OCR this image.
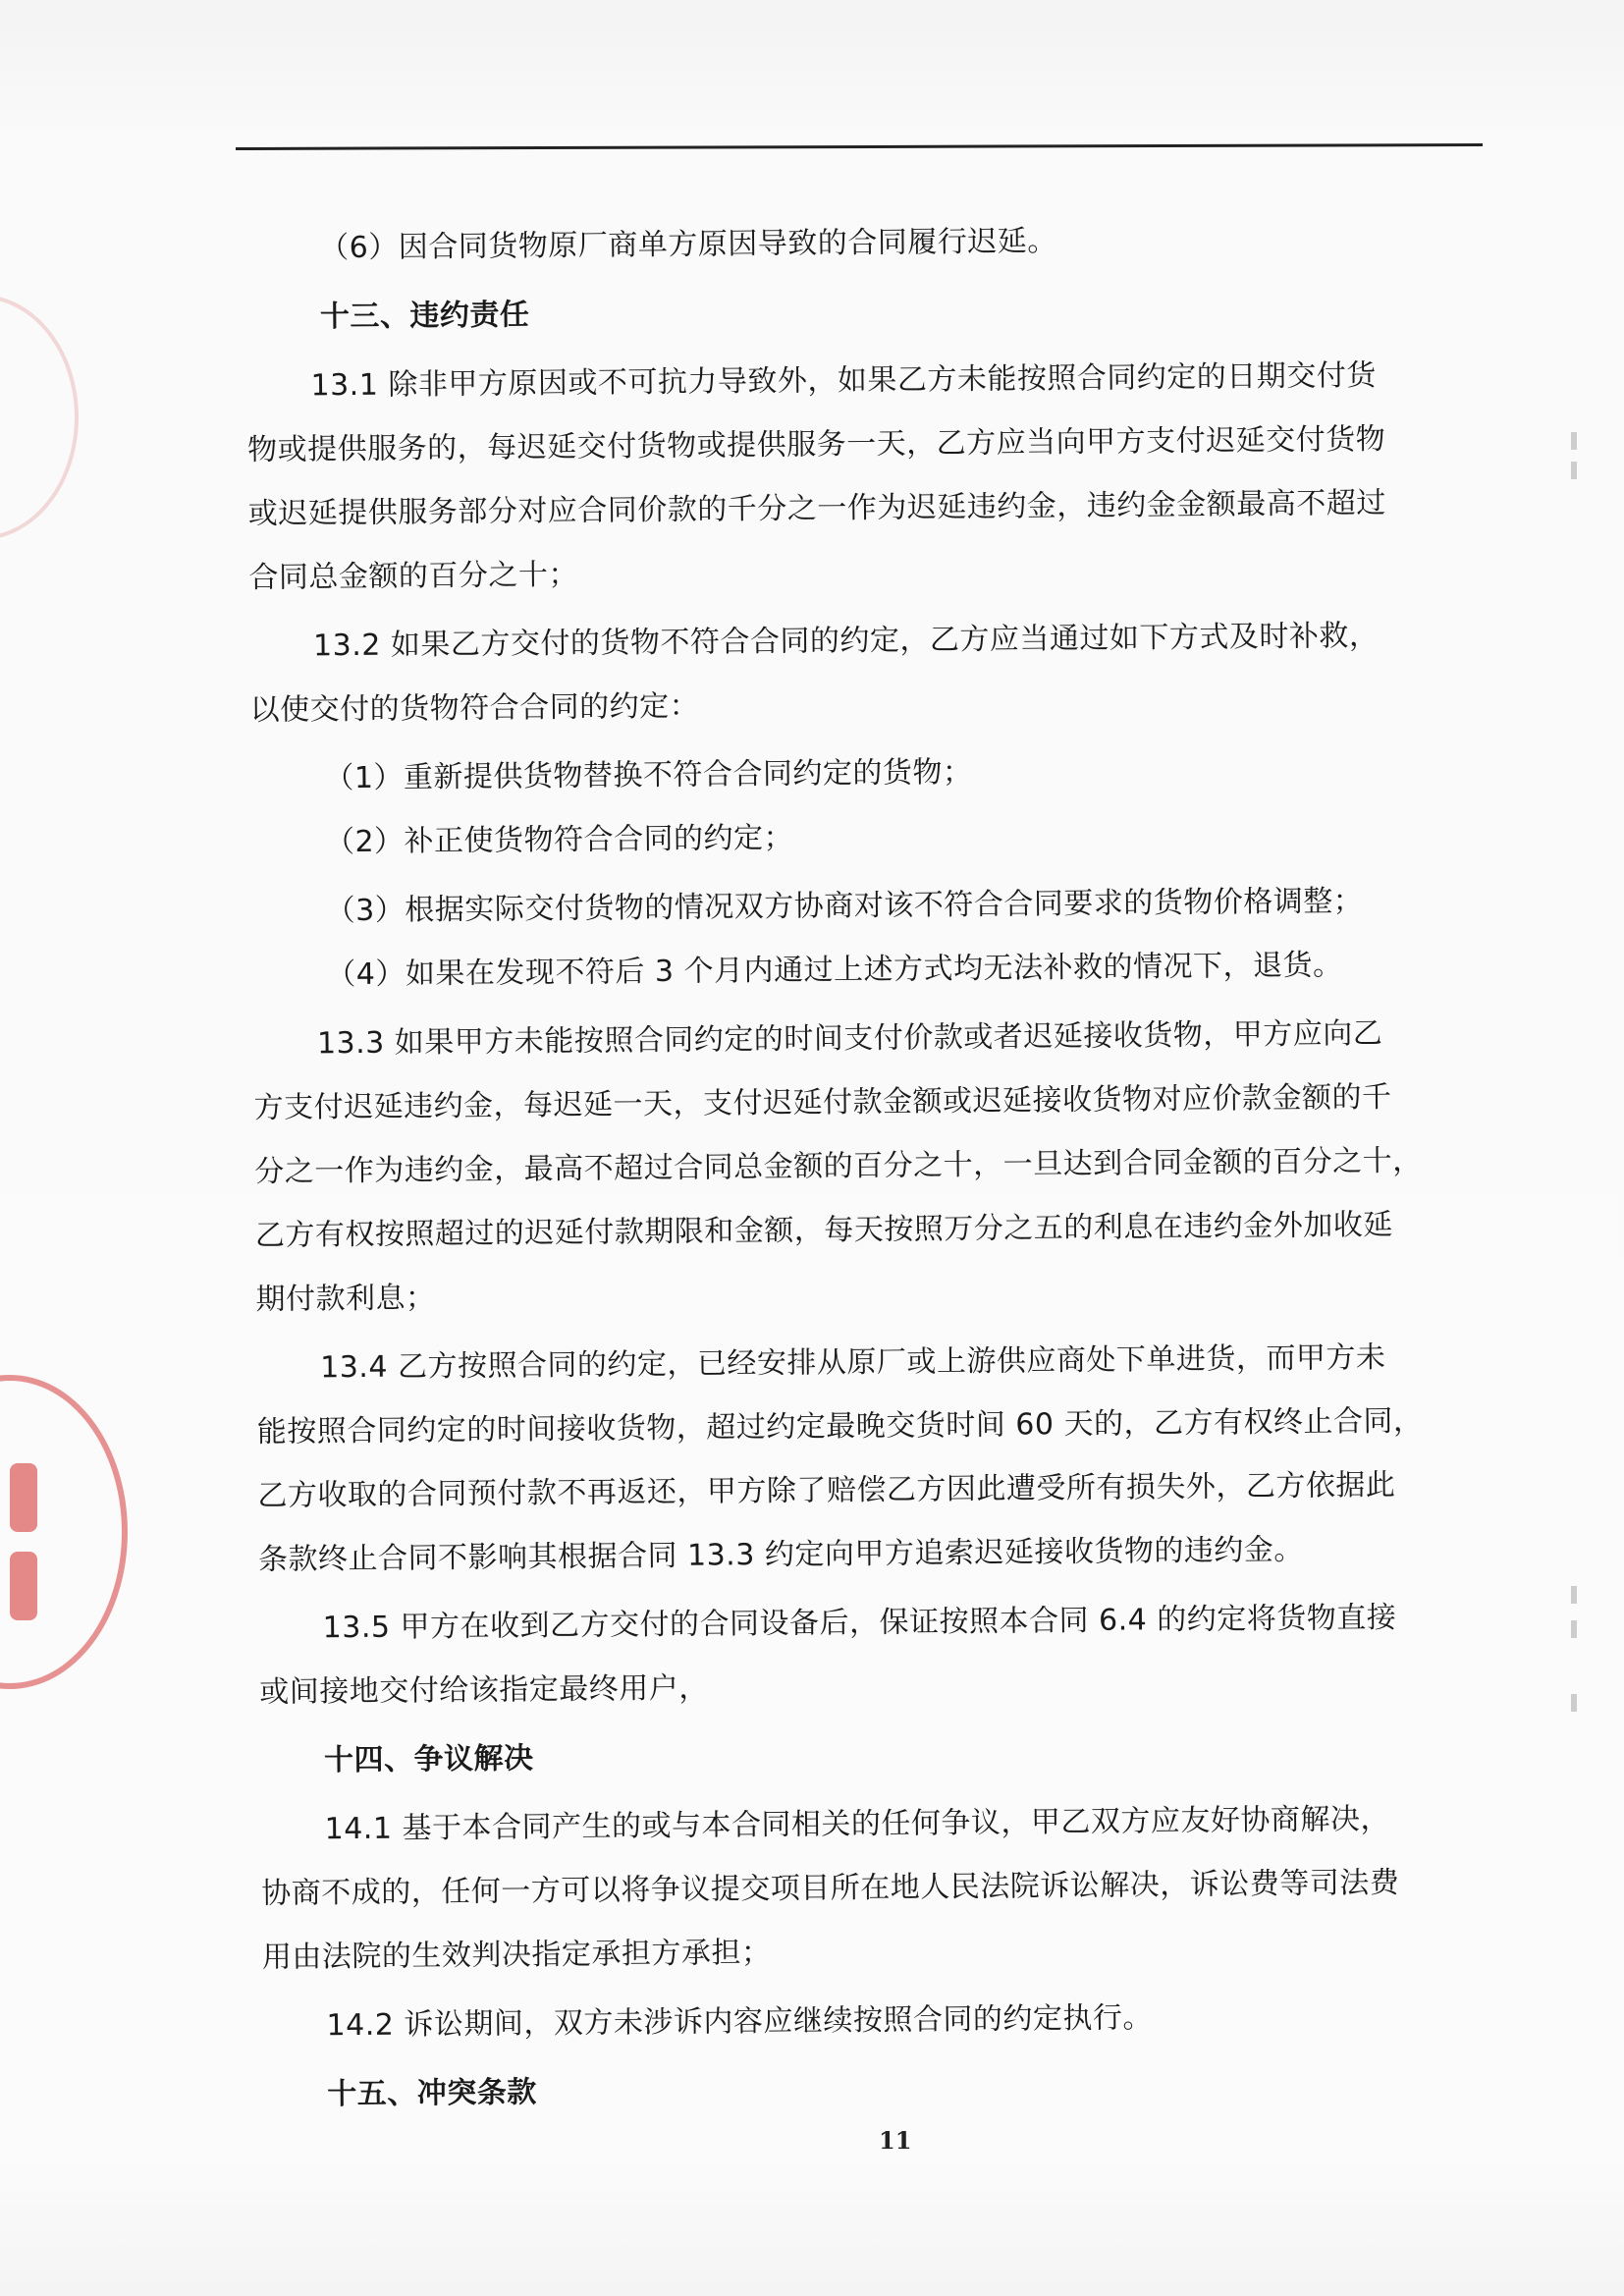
（6）因合同货物原厂商单方原因导致的合同履行迟延。
十三、违约责任
13.1 除非甲方原因或不可抗力导致外，如果乙方未能按照合同约定的日期交付货
物或提供服务的，每迟延交付货物或提供服务一天，乙方应当向甲方支付迟延交付货物
或迟延提供服务部分对应合同价款的千分之一作为迟延违约金，违约金金额最高不超过
合同总金额的百分之十；
13.2 如果乙方交付的货物不符合合同的约定，乙方应当通过如下方式及时补救，
以使交付的货物符合合同的约定：
（1）重新提供货物替换不符合合同约定的货物；
（2）补正使货物符合合同的约定；
（3）根据实际交付货物的情况双方协商对该不符合合同要求的货物价格调整；
（4）如果在发现不符后 3 个月内通过上述方式均无法补救的情况下，退货。
13.3 如果甲方未能按照合同约定的时间支付价款或者迟延接收货物，甲方应向乙
方支付迟延违约金，每迟延一天，支付迟延付款金额或迟延接收货物对应价款金额的千
分之一作为违约金，最高不超过合同总金额的百分之十，一旦达到合同金额的百分之十，
乙方有权按照超过的迟延付款期限和金额，每天按照万分之五的利息在违约金外加收延
期付款利息；
13.4 乙方按照合同的约定，已经安排从原厂或上游供应商处下单进货，而甲方未
能按照合同约定的时间接收货物，超过约定最晚交货时间 60 天的，乙方有权终止合同，
乙方收取的合同预付款不再返还，甲方除了赔偿乙方因此遭受所有损失外，乙方依据此
条款终止合同不影响其根据合同 13.3 约定向甲方追索迟延接收货物的违约金。
13.5 甲方在收到乙方交付的合同设备后，保证按照本合同 6.4 的约定将货物直接
或间接地交付给该指定最终用户，
十四、争议解决
14.1 基于本合同产生的或与本合同相关的任何争议，甲乙双方应友好协商解决，
协商不成的，任何一方可以将争议提交项目所在地人民法院诉讼解决，诉讼费等司法费
用由法院的生效判决指定承担方承担；
14.2 诉讼期间，双方未涉诉内容应继续按照合同的约定执行。
十五、冲突条款
11
